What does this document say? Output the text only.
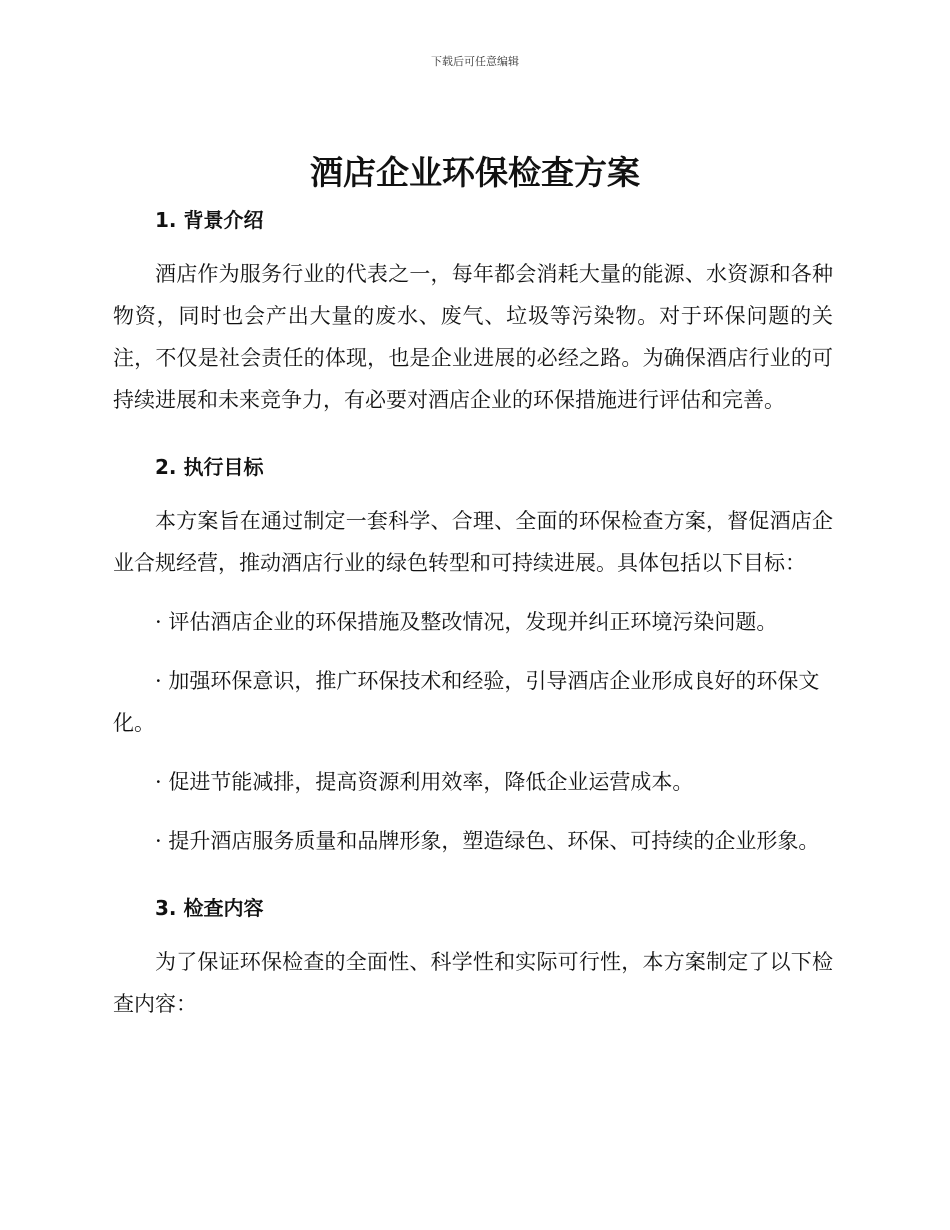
下载后可任意编辑
酒店企业环保检查方案
1. 背景介绍

酒店作为服务行业的代表之一，每年都会消耗大量的能源、水资源和各种物资，同时也会产出大量的废水、废气、垃圾等污染物。对于环保问题的关注，不仅是社会责任的体现，也是企业进展的必经之路。为确保酒店行业的可持续进展和未来竞争力，有必要对酒店企业的环保措施进行评估和完善。

2. 执行目标

本方案旨在通过制定一套科学、合理、全面的环保检查方案，督促酒店企业合规经营，推动酒店行业的绿色转型和可持续进展。具体包括以下目标：

· 评估酒店企业的环保措施及整改情况，发现并纠正环境污染问题。

· 加强环保意识，推广环保技术和经验，引导酒店企业形成良好的环保文化。

· 促进节能减排，提高资源利用效率，降低企业运营成本。

· 提升酒店服务质量和品牌形象，塑造绿色、环保、可持续的企业形象。

3. 检查内容

为了保证环保检查的全面性、科学性和实际可行性，本方案制定了以下检查内容：
